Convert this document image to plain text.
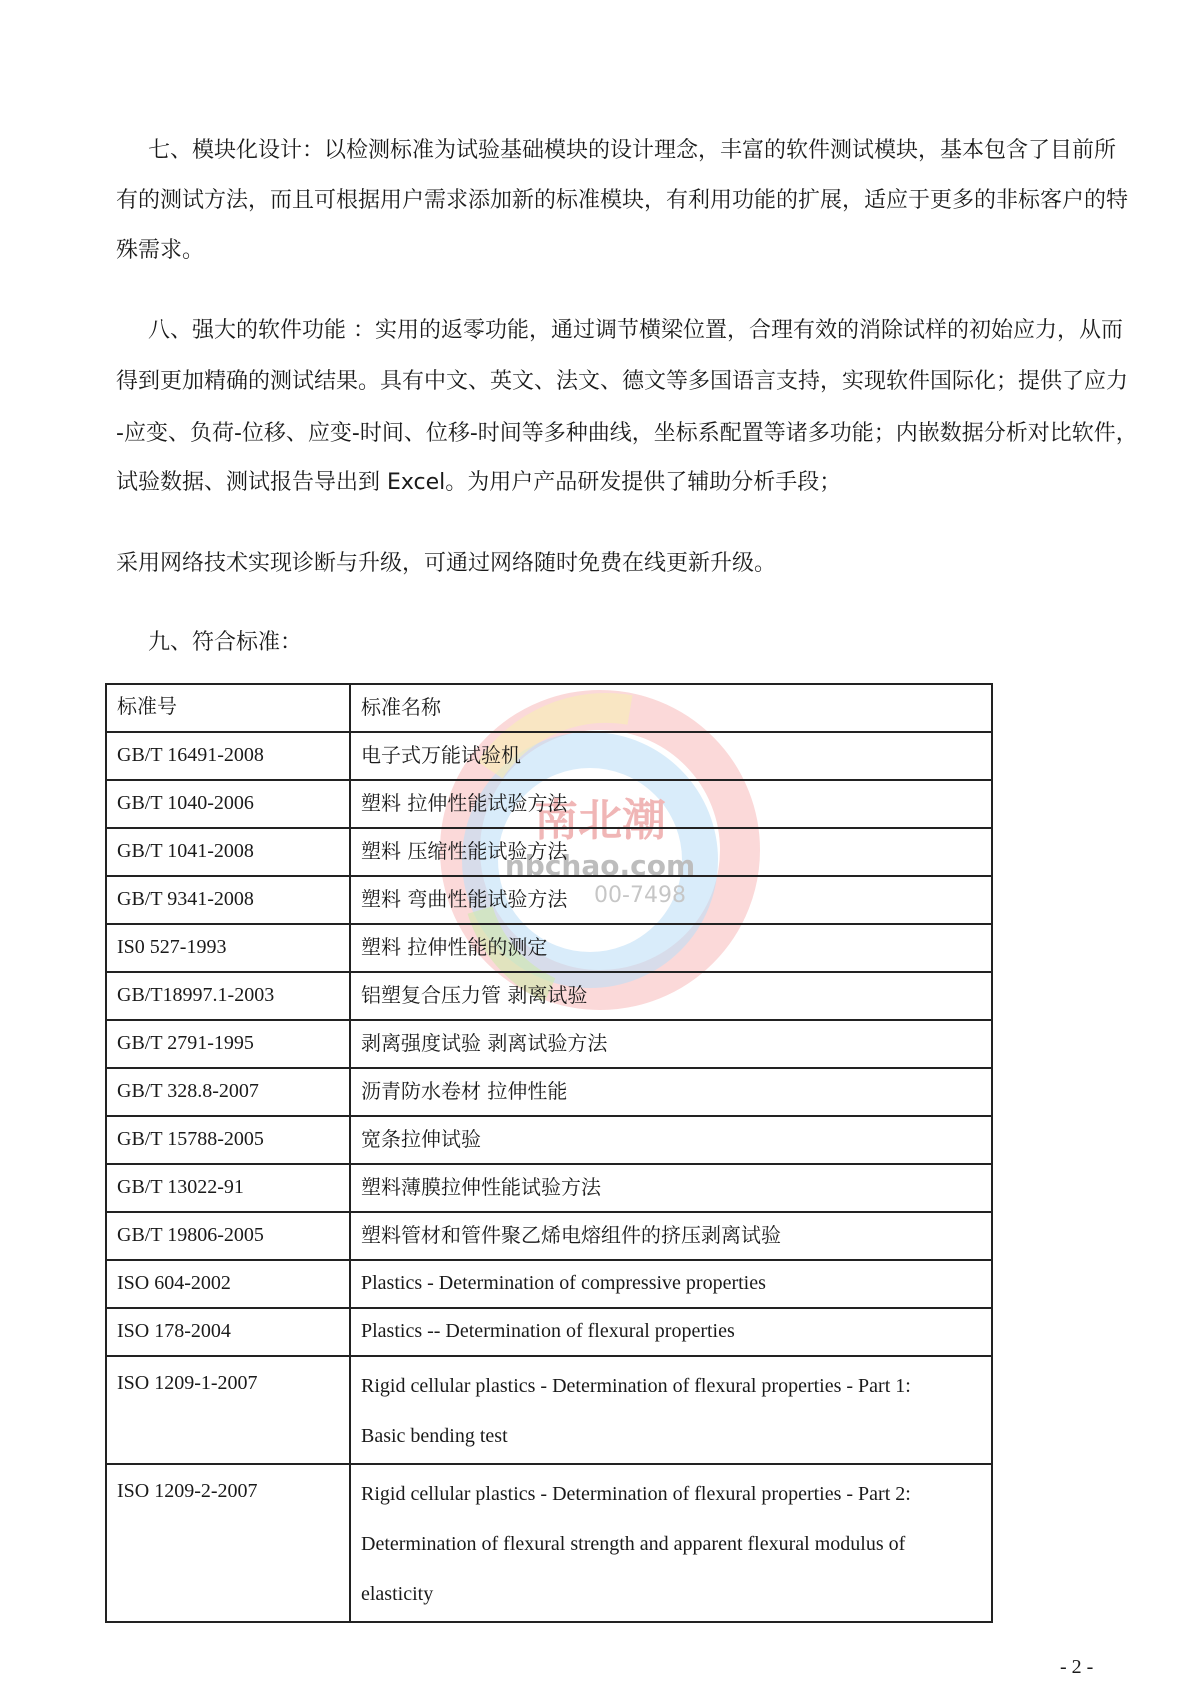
七、模块化设计：以检测标准为试验基础模块的设计理念，丰富的软件测试模块，基本包含了目前所
有的测试方法，而且可根据用户需求添加新的标准模块，有利用功能的扩展，适应于更多的非标客户的特
殊需求。
八、强大的软件功能 ：实用的返零功能，通过调节横梁位置，合理有效的消除试样的初始应力，从而
得到更加精确的测试结果。具有中文、英文、法文、德文等多国语言支持，实现软件国际化；提供了应力
-应变、负荷-位移、应变-时间、位移-时间等多种曲线，坐标系配置等诸多功能；内嵌数据分析对比软件，
试验数据、测试报告导出到 Excel。为用户产品研发提供了辅助分析手段；
采用网络技术实现诊断与升级，可通过网络随时免费在线更新升级。
九、符合标准：
南北潮
nbchao.com
00-7498
标准号	标准名称
GB/T 16491-2008	电子式万能试验机
GB/T 1040-2006	塑料 拉伸性能试验方法
GB/T 1041-2008	塑料 压缩性能试验方法
GB/T 9341-2008	塑料 弯曲性能试验方法
IS0 527-1993	塑料 拉伸性能的测定
GB/T18997.1-2003	铝塑复合压力管 剥离试验
GB/T 2791-1995	剥离强度试验 剥离试验方法
GB/T 328.8-2007	沥青防水卷材 拉伸性能
GB/T 15788-2005	宽条拉伸试验
GB/T 13022-91	塑料薄膜拉伸性能试验方法
GB/T 19806-2005	塑料管材和管件聚乙烯电熔组件的挤压剥离试验
ISO 604-2002	Plastics - Determination of compressive properties
ISO 178-2004	Plastics -- Determination of flexural properties
ISO 1209-1-2007	Rigid cellular plastics - Determination of flexural properties - Part 1:
Basic bending test

ISO 1209-2-2007	Rigid cellular plastics - Determination of flexural properties - Part 2:
Determination of flexural strength and apparent flexural modulus of
elasticity
- 2 -
